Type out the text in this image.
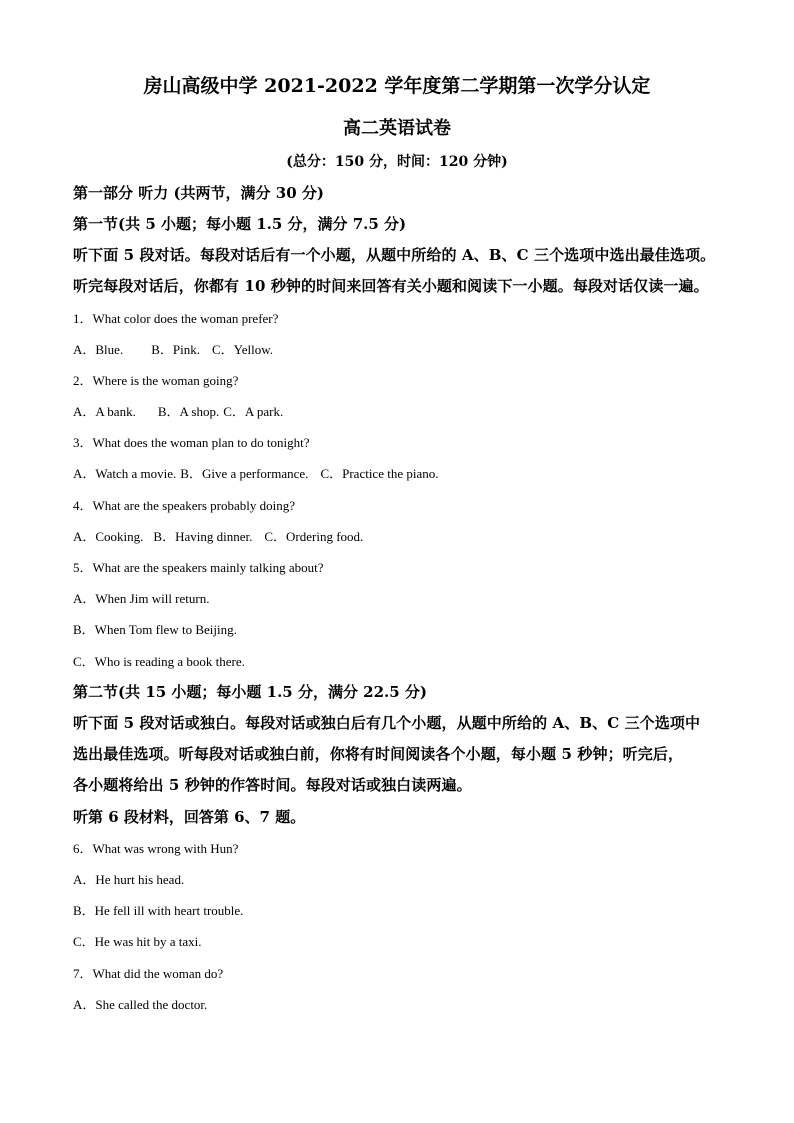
房山高级中学 2021-2022 学年度第二学期第一次学分认定
高二英语试卷
(总分：150 分，时间：120 分钟)
第一部分 听力 (共两节，满分 30 分)
第一节(共 5 小题；每小题 1.5 分，满分 7.5 分)
听下面 5 段对话。每段对话后有一个小题，从题中所给的 A、B、C 三个选项中选出最佳选项。
听完每段对话后，你都有 10 秒钟的时间来回答有关小题和阅读下一小题。每段对话仅读一遍。
1．What color does the woman prefer?
A．Blue. B．Pink. C．Yellow.
2．Where is the woman going?
A．A bank. B．A shop. C．A park.
3．What does the woman plan to do tonight?
A．Watch a movie. B．Give a performance. C．Practice the piano.
4．What are the speakers probably doing?
A．Cooking. B．Having dinner. C．Ordering food.
5．What are the speakers mainly talking about?
A．When Jim will return.
B．When Tom flew to Beijing.
C．Who is reading a book there.
第二节(共 15 小题；每小题 1.5 分，满分 22.5 分)
听下面 5 段对话或独白。每段对话或独白后有几个小题，从题中所给的 A、B、C 三个选项中
选出最佳选项。听每段对话或独白前，你将有时间阅读各个小题，每小题 5 秒钟；听完后，
各小题将给出 5 秒钟的作答时间。每段对话或独白读两遍。
听第 6 段材料，回答第 6、7 题。
6．What was wrong with Hun?
A．He hurt his head.
B．He fell ill with heart trouble.
C．He was hit by a taxi.
7．What did the woman do?
A．She called the doctor.
